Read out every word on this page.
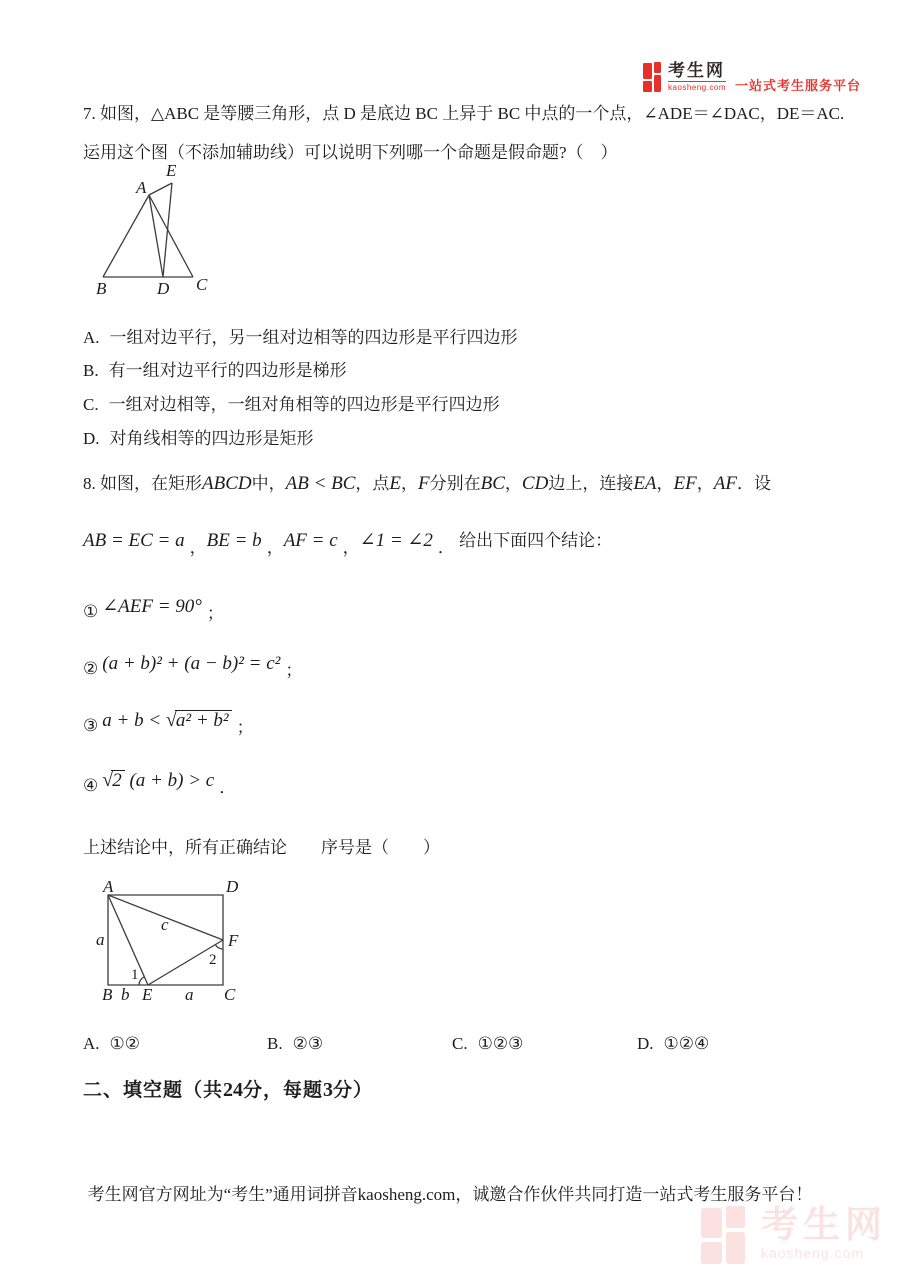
考生网
kaosheng.com 一站式考生服务平台
7. 如图，△ABC 是等腰三角形，点 D 是底边 BC 上异于 BC 中点的一个点，∠ADE＝∠DAC，DE＝AC.
运用这个图（不添加辅助线）可以说明下列哪一个命题是假命题?（　）
A
E
B	D C
A. 一组对边平行，另一组对边相等的四边形是平行四边形
B. 有一组对边平行的四边形是梯形
C. 一组对边相等，一组对角相等的四边形是平行四边形
D. 对角线相等的四边形是矩形
8. 如图，在矩形ABCD中，AB < BC，点E，F分别在BC，CD边上，连接EA，EF，AF．设
AB = EC = a ，BE = b ，AF = c ，∠1 = ∠2 ． 给出下面四个结论：
① ∠AEF = 90° ；
② (a + b)² + (a − b)² = c² ；
③ a + b < √a² + b² ；
④ √2 (a + b) > c ．
上述结论中，所有正确结论　　序号是（　　）
A	D
B	C
E
F
a
c
b	a
1
2
A. ①②	B. ②③	C. ①②③	D. ①②④
二、填空题（共24分，每题3分）
考生网官方网址为“考生”通用词拼音kaosheng.com，诚邀合作伙伴共同打造一站式考生服务平台！
考生网
kaosheng.com
